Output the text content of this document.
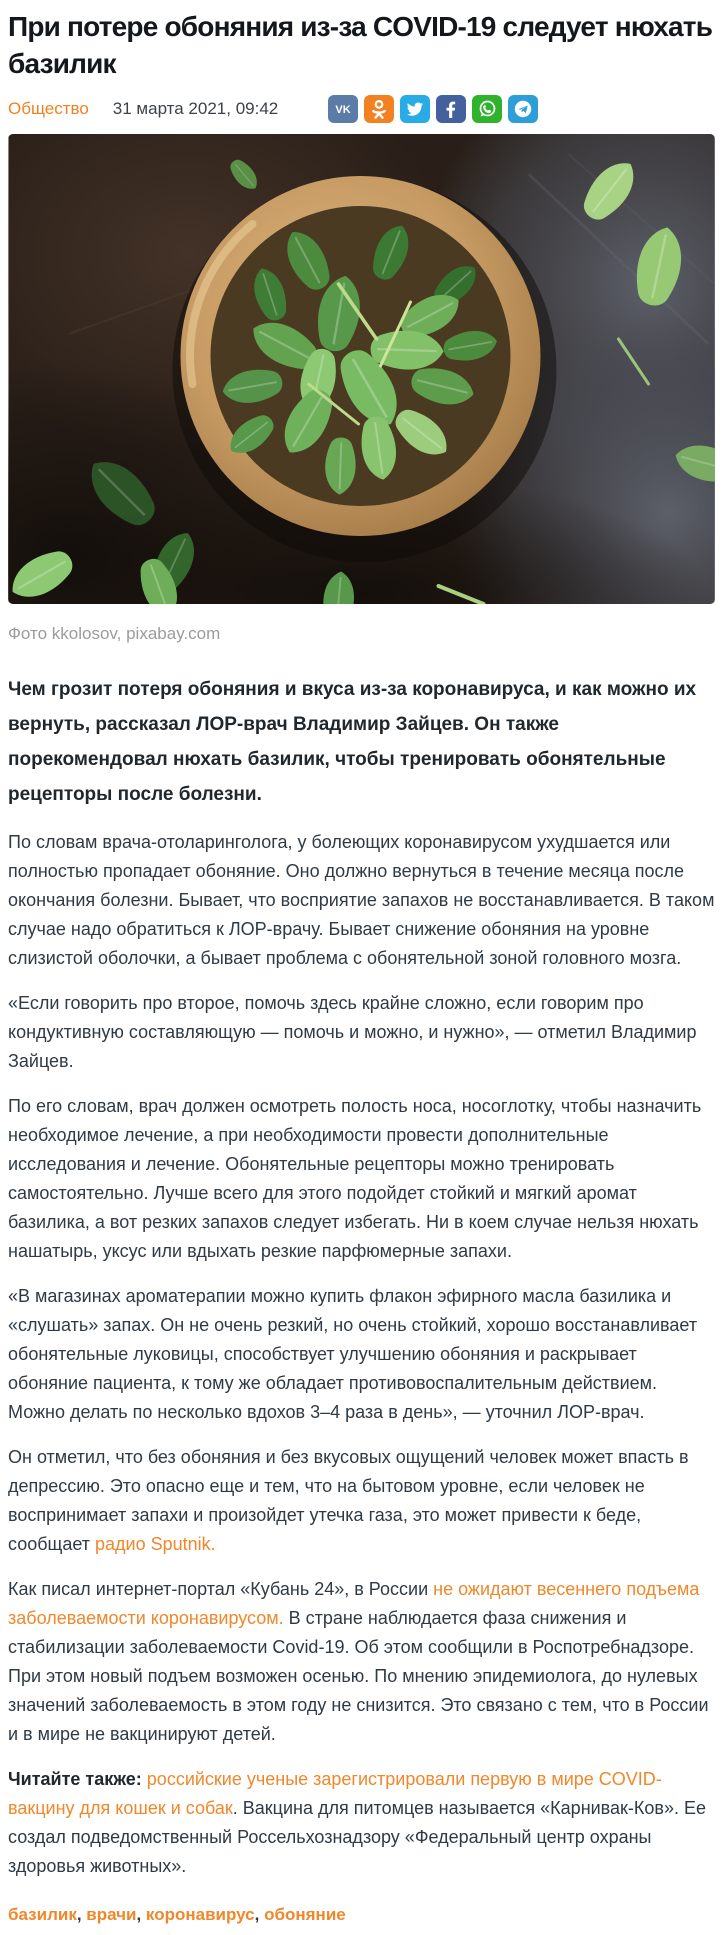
При потере обоняния из-за COVID-19 следует нюхать базилик
Общество 31 марта 2021, 09:42	VK
Фото kkolosov, pixabay.com

Чем грозит потеря обоняния и вкуса из-за коронавируса, и как можно их вернуть, рассказал ЛОР-врач Владимир Зайцев. Он также порекомендовал нюхать базилик, чтобы тренировать обонятельные рецепторы после болезни.

По словам врача-отоларинголога, у болеющих коронавирусом ухудшается или полностью пропадает обоняние. Оно должно вернуться в течение месяца после окончания болезни. Бывает, что восприятие запахов не восстанавливается. В таком случае надо обратиться к ЛОР-врачу. Бывает снижение обоняния на уровне слизистой оболочки, а бывает проблема с обонятельной зоной головного мозга.

«Если говорить про второе, помочь здесь крайне сложно, если говорим про кондуктивную составляющую — помочь и можно, и нужно», — отметил Владимир Зайцев.

По его словам, врач должен осмотреть полость носа, носоглотку, чтобы назначить необходимое лечение, а при необходимости провести дополнительные исследования и лечение. Обонятельные рецепторы можно тренировать самостоятельно. Лучше всего для этого подойдет стойкий и мягкий аромат базилика, а вот резких запахов следует избегать. Ни в коем случае нельзя нюхать нашатырь, уксус или вдыхать резкие парфюмерные запахи.

«В магазинах ароматерапии можно купить флакон эфирного масла базилика и «слушать» запах. Он не очень резкий, но очень стойкий, хорошо восстанавливает обонятельные луковицы, способствует улучшению обоняния и раскрывает обоняние пациента, к тому же обладает противовоспалительным действием. Можно делать по несколько вдохов 3–4 раза в день», — уточнил ЛОР-врач.

Он отметил, что без обоняния и без вкусовых ощущений человек может впасть в депрессию. Это опасно еще и тем, что на бытовом уровне, если человек не воспринимает запахи и произойдет утечка газа, это может привести к беде, сообщает радио Sputnik.

Как писал интернет-портал «Кубань 24», в России не ожидают весеннего подъема заболеваемости коронавирусом. В стране наблюдается фаза снижения и стабилизации заболеваемости Covid-19. Об этом сообщили в Роспотребнадзоре. При этом новый подъем возможен осенью. По мнению эпидемиолога, до нулевых значений заболеваемость в этом году не снизится. Это связано с тем, что в России и в мире не вакцинируют детей.

Читайте также: российские ученые зарегистрировали первую в мире COVID-вакцину для кошек и собак. Вакцина для питомцев называется «Карнивак-Ков». Ее создал подведомственный Россельхознадзору «Федеральный центр охраны здоровья животных».

базилик, врачи, коронавирус, обоняние
